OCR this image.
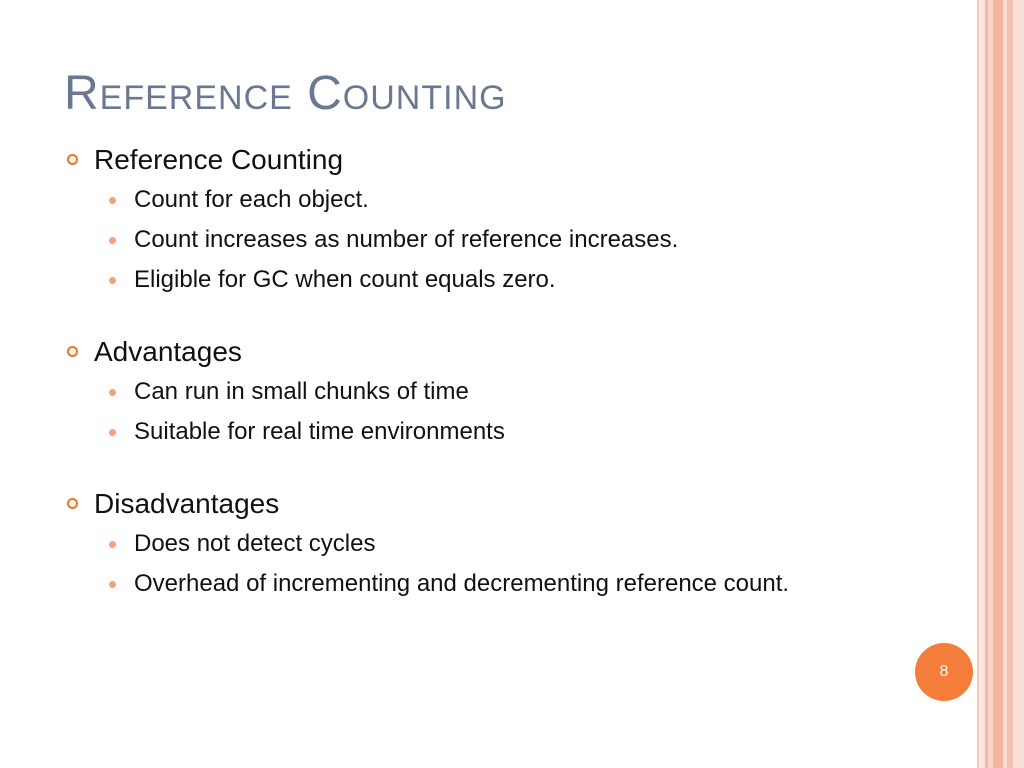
Reference Counting
Reference Counting
Count for each object.
Count increases as number of reference increases.
Eligible for GC when count equals zero.
Advantages
Can run in small chunks of time
Suitable for real time environments
Disadvantages
Does not detect cycles
Overhead of incrementing and decrementing reference count.
8
